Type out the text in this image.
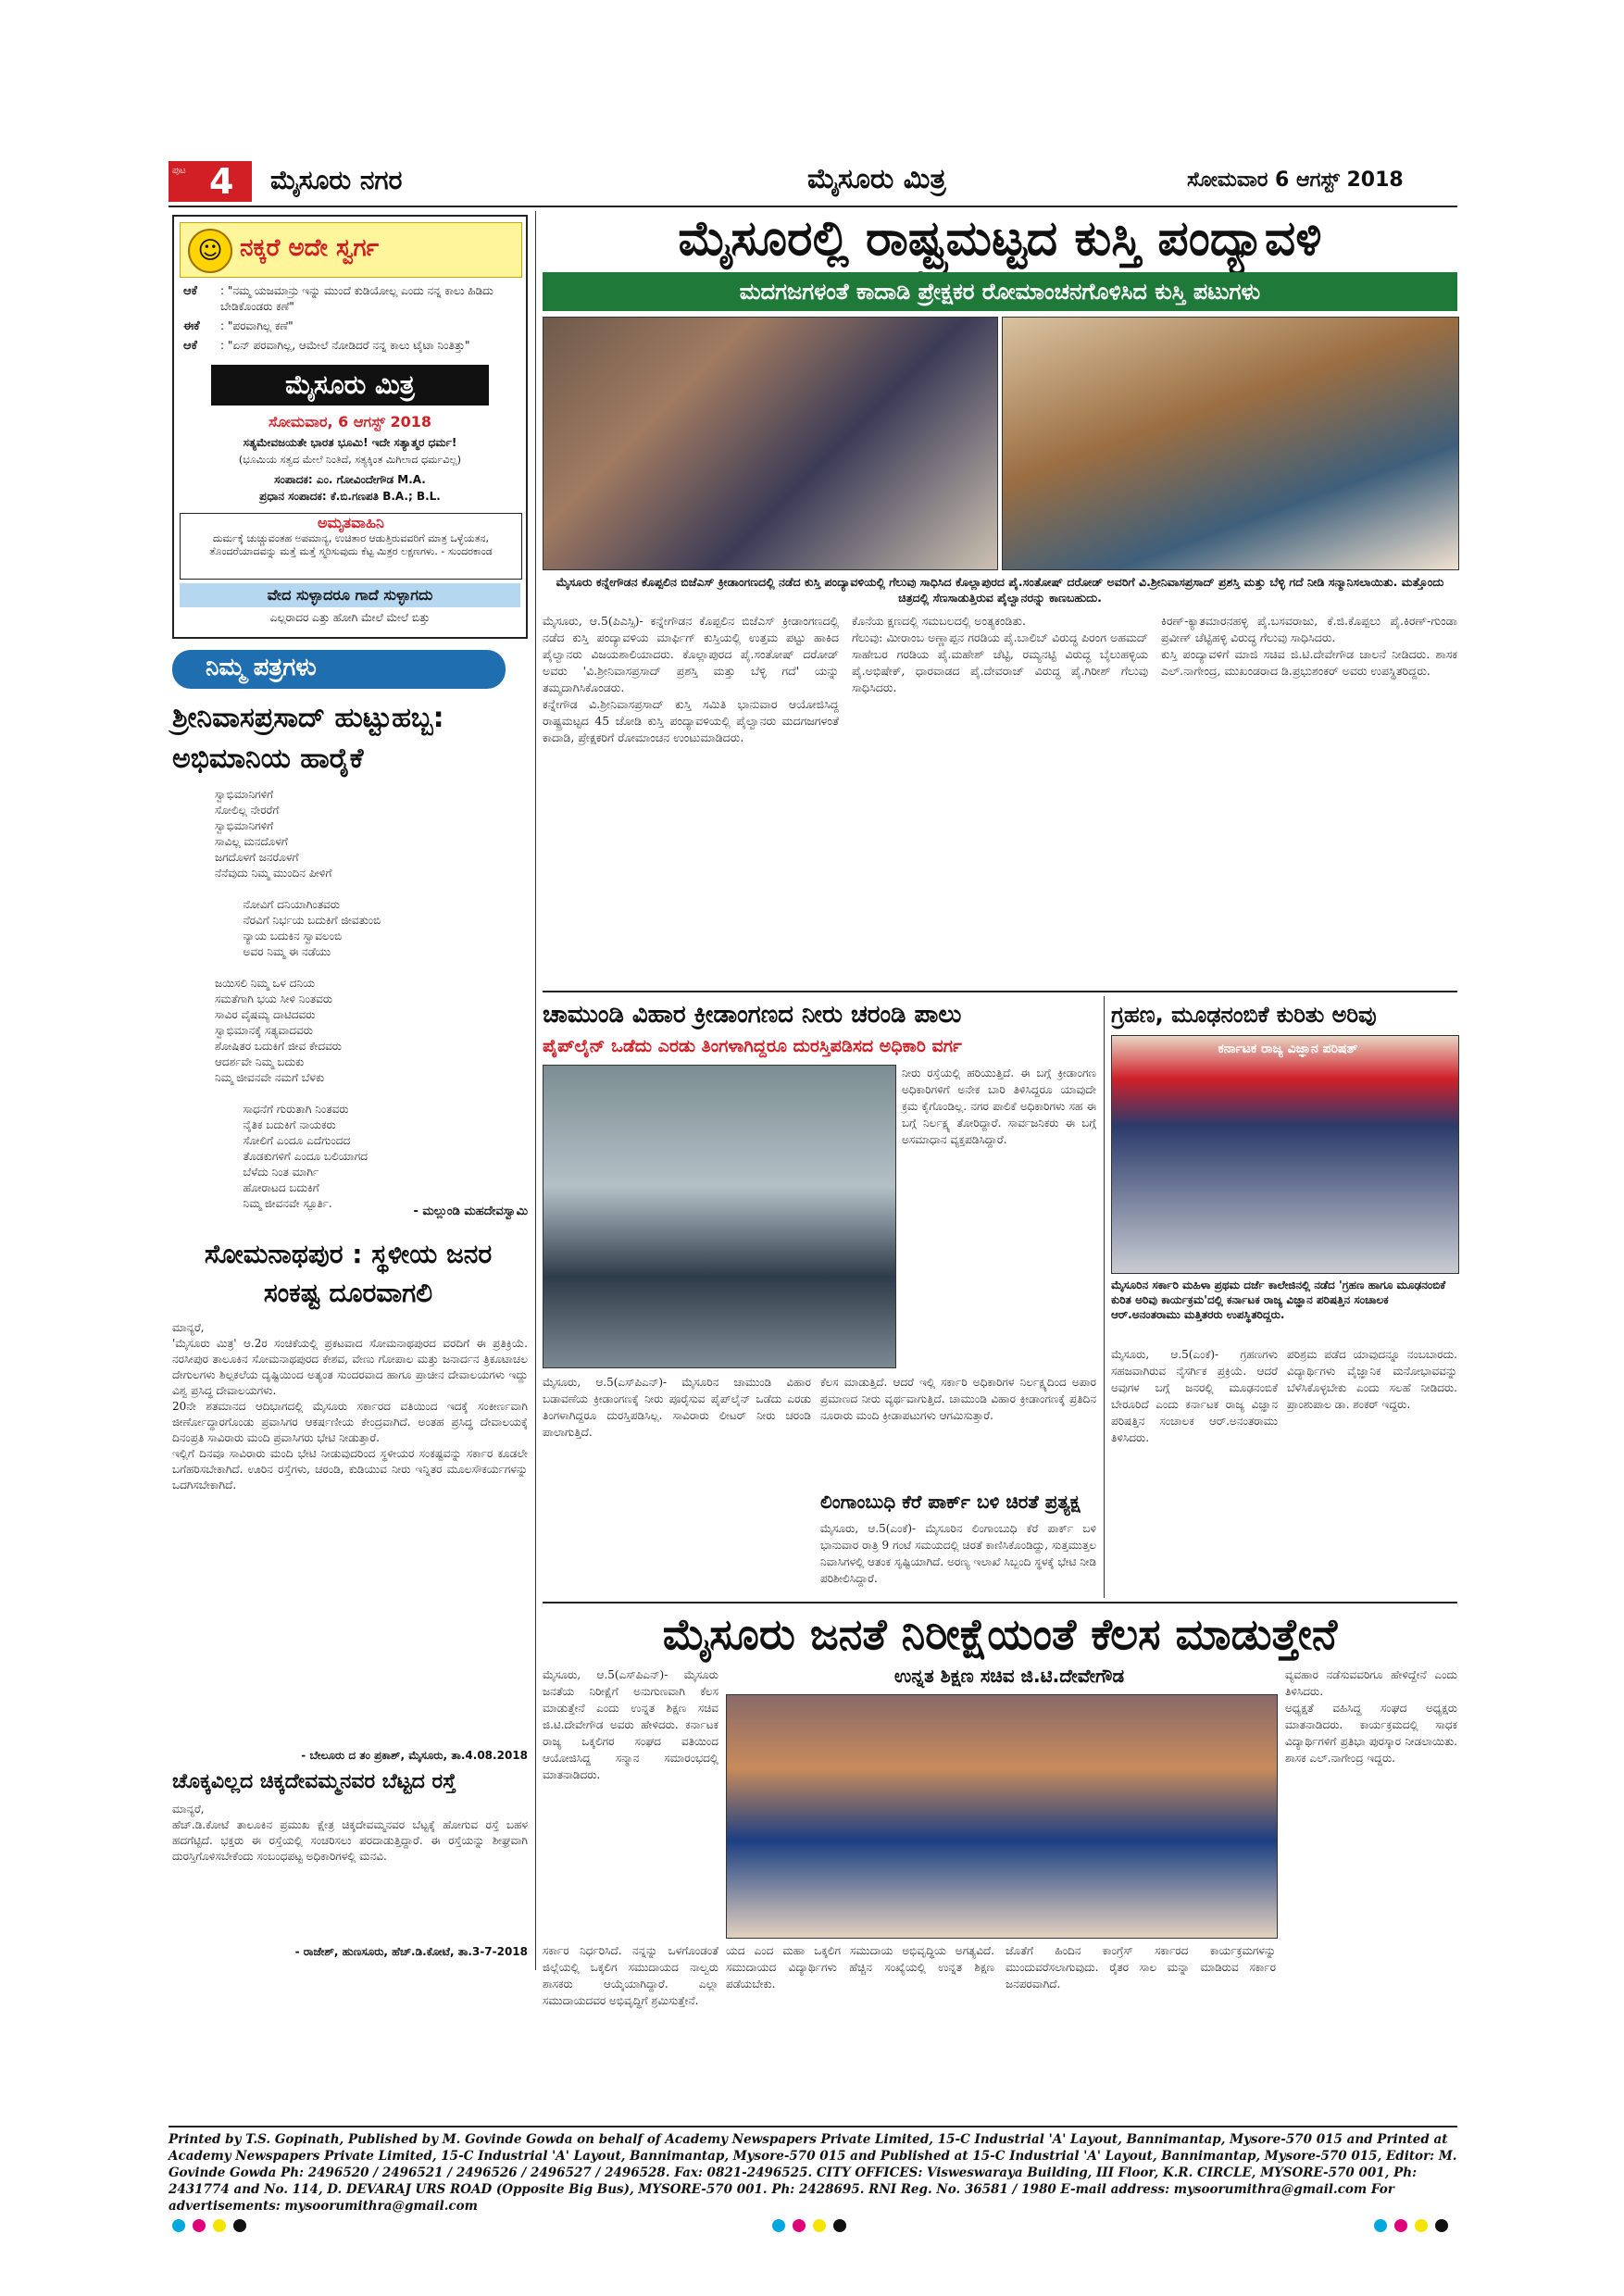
ಪುಟ 4 ಮೈಸೂರು ನಗರ	ಮೈಸೂರು ಮಿತ್ರ	ಸೋಮವಾರ 6 ಆಗಸ್ಟ್ 2018
☺ ನಕ್ಕರೆ ಅದೇ ಸ್ವರ್ಗ
ಆಕೆ	: "ನಮ್ಮ ಯಜಮಾನ್ರು ಇನ್ನು ಮುಂದೆ ಕುಡಿಯೋಲ್ಲ ಎಂದು ನನ್ನ ಕಾಲು ಹಿಡಿದು ಬೇಡಿಕೊಂಡರು ಕಣೆ"
ಈಕೆ	: "ಪರವಾಗಿಲ್ಲ ಕಣೆ"
ಆಕೆ	: "ಏನ್ ಪರವಾಗಿಲ್ಲ, ಆಮೇಲೆ ನೋಡಿದರೆ ನನ್ನ ಕಾಲು ಟೈಟಾ ನಿಂತಿತ್ತು"
ಮೈಸೂರು ಮಿತ್ರ
ಸೋಮವಾರ, 6 ಆಗಸ್ಟ್ 2018
ಸತ್ಯಮೇವಜಯತೇ ಭಾರತ ಭೂಮಿ! ಇದೇ ಸತ್ಯಾತ್ಮರ ಧರ್ಮ!
(ಭೂಮಿಯ ಸತ್ವದ ಮೇಲೆ ನಿಂತಿದೆ, ಸತ್ಯಕ್ಕಿಂತ ಮಿಗಿಲಾದ ಧರ್ಮವಿಲ್ಲ)
ಸಂಪಾದಕ: ಎಂ. ಗೋವಿಂದೇಗೌಡ M.A.
ಪ್ರಧಾನ ಸಂಪಾದಕ: ಕೆ.ಬಿ.ಗಣಪತಿ B.A.; B.L.
ಅಮೃತವಾಹಿನಿ
ದುರ್ಮಕ್ಕೆ ಚುಚ್ಚುವಂತಹ ಅಪಮಾನ್ಯ, ಉಚಿತಾರ ಆಡುತ್ತಿರುವವರಿಗೆ ಮಾತ್ರ ಒಳ್ಳೆಯತನ, ತೊಂದರೆಯಾದವನ್ನು ಮತ್ತೆ ಮತ್ತೆ ಸ್ಮರಿಸುವುದು ಕೆಟ್ಟ ಮಿತ್ರರ ಲಕ್ಷಣಗಳು. - ಸುಂದರಕಾಂಡ
ವೇದ ಸುಳ್ಳಾದರೂ ಗಾದೆ ಸುಳ್ಳಾಗದು
ಎಲ್ಲರಾದರ ಎತ್ತು ಹೋಗಿ ಮೇಲೆ ಮೇಲೆ ಬಿತ್ತು
ನಿಮ್ಮ ಪತ್ರಗಳು
ಶ್ರೀನಿವಾಸಪ್ರಸಾದ್ ಹುಟ್ಟುಹಬ್ಬ: ಅಭಿಮಾನಿಯ ಹಾರೈಕೆ
ಸ್ವಾಭಿಮಾನಿಗಳಿಗೆ
ಸೋಲಿಲ್ಲ ನೇರರೆಗೆ
ಸ್ವಾಭಿಮಾನಿಗಳಿಗೆ
ಸಾವಿಲ್ಲ ಮನದೊಳಗೆ
ಜಗದೊಳಗೆ ಜನರೊಳಗೆ
ನೆನೆವುದು ನಿಮ್ಮ ಮುಂದಿನ ಪೀಳಿಗೆ

ನೋವಿಗೆ ದನಿಯಾಗಿಂತವರು
ನೆರವಿಗೆ ನಿರ್ಭಯ ಬದುಕಿಗೆ ಜೀವತುಂಬಿ
ನ್ಯಾಯ ಬದುಕಿನ ಸ್ವಾವಲಂಬಿ
ಅವರ ನಿಮ್ಮ ಈ ನಡೆಯು

ಜಯಿಸಲಿ ನಿಮ್ಮ ಒಳ ದನಿಯ
ಸಮತೆಗಾಗಿ ಭಯ ಸೀಳಿ ನಿಂತವರು
ಸಾವಿರ ವೈಷಮ್ಯ ದಾಟಿದವರು
ಸ್ವಾಭಿಮಾನಕ್ಕೆ ಸತ್ಯವಾದವರು
ಶೋಷಿತರ ಬದುಕಿಗೆ ಜೀವ ಕೇದವರು
ಆದರ್ಶವೇ ನಿಮ್ಮ ಬದುಕು
ನಿಮ್ಮ ಜೀವನವೇ ನಮಗೆ ಬೆಳಕು

ಸಾಧನೆಗೆ ಗುರುತಾಗಿ ನಿಂತವರು
ನೈತಿಕ ಬದುಕಿಗೆ ನಾಯಕರು
ಸೋಲಿಗೆ ಎಂದೂ ಎದೆಗುಂದದ
ತೊಡಕುಗಳಿಗೆ ಎಂದೂ ಬಲಿಯಾಗದ
ಬೆಳೆದು ನಿಂತ ಮಾರ್ಗಿ
ಹೋರಾಟದ ಬದುಕಿಗೆ
ನಿಮ್ಮ ಜೀವನವೇ ಸ್ಫೂರ್ತಿ.
- ಮಲ್ಲುಂಡಿ ಮಹದೇವಸ್ವಾಮಿ
ಸೋಮನಾಥಪುರ : ಸ್ಥಳೀಯ ಜನರ ಸಂಕಷ್ಟ ದೂರವಾಗಲಿ
ಮಾನ್ಯರೆ,
'ಮೈಸೂರು ಮಿತ್ರ' ಆ.2ರ ಸಂಚಿಕೆಯಲ್ಲಿ ಪ್ರಕಟವಾದ ಸೋಮನಾಥಪುರದ ವರದಿಗೆ ಈ ಪ್ರತಿಕ್ರಿಯೆ. ನರಸೀಪುರ ತಾಲೂಕಿನ ಸೋಮನಾಥಪುರದ ಕೇಶವ, ವೇಣು ಗೋಪಾಲ ಮತ್ತು ಜನಾರ್ದನ ತ್ರಿಕೂಟಾಚಲ ದೇಗುಲಗಳು ಶಿಲ್ಪಕಲೆಯ ದೃಷ್ಟಿಯಿಂದ ಅತ್ಯಂತ ಸುಂದರವಾದ ಹಾಗೂ ಪ್ರಾಚೀನ ದೇವಾಲಯಗಳು ಇದ್ದು ವಿಶ್ವ ಪ್ರಸಿದ್ಧ ದೇವಾಲಯಗಳು.
20ನೇ ಶತಮಾನದ ಆದಿಭಾಗದಲ್ಲಿ ಮೈಸೂರು ಸರ್ಕಾರದ ವತಿಯಿಂದ ಇದಕ್ಕೆ ಸಂಕೀರ್ಣವಾಗಿ ಜೀರ್ಣೋದ್ಧಾರಗೊಂಡು ಪ್ರವಾಸಿಗರ ಆಕರ್ಷಣೀಯ ಕೇಂದ್ರವಾಗಿದೆ. ಅಂತಹ ಪ್ರಸಿದ್ಧ ದೇವಾಲಯಕ್ಕೆ ದಿನಂಪ್ರತಿ ಸಾವಿರಾರು ಮಂದಿ ಪ್ರವಾಸಿಗರು ಭೇಟಿ ನೀಡುತ್ತಾರೆ.
ಇಲ್ಲಿಗೆ ದಿನವೂ ಸಾವಿರಾರು ಮಂದಿ ಭೇಟಿ ನೀಡುವುದರಿಂದ ಸ್ಥಳೀಯರ ಸಂಕಷ್ಟವನ್ನು ಸರ್ಕಾರ ಕೂಡಲೇ ಬಗೆಹರಿಸಬೇಕಾಗಿದೆ. ಊರಿನ ರಸ್ತೆಗಳು, ಚರಂಡಿ, ಕುಡಿಯುವ ನೀರು ಇನ್ನಿತರ ಮೂಲಸೌಕರ್ಯಗಳನ್ನು ಒದಗಿಸಬೇಕಾಗಿದೆ.
- ಬೇಲೂರು ದ ತಂ ಪ್ರಕಾಶ್, ಮೈಸೂರು, ತಾ.4.08.2018
ಚೊಕ್ಕವಿಲ್ಲದ ಚಿಕ್ಕದೇವಮ್ಮನವರ ಬೆಟ್ಟದ ರಸ್ತೆ
ಮಾನ್ಯರೆ,
ಹೆಚ್.ಡಿ.ಕೋಟೆ ತಾಲೂಕಿನ ಪ್ರಮುಖ ಕ್ಷೇತ್ರ ಚಿಕ್ಕದೇವಮ್ಮನವರ ಬೆಟ್ಟಕ್ಕೆ ಹೋಗುವ ರಸ್ತೆ ಬಹಳ ಹದಗೆಟ್ಟಿದೆ. ಭಕ್ತರು ಈ ರಸ್ತೆಯಲ್ಲಿ ಸಂಚರಿಸಲು ಪರದಾಡುತ್ತಿದ್ದಾರೆ. ಈ ರಸ್ತೆಯನ್ನು ಶೀಘ್ರವಾಗಿ ದುರಸ್ತಿಗೊಳಿಸಬೇಕೆಂದು ಸಂಬಂಧಪಟ್ಟ ಅಧಿಕಾರಿಗಳಲ್ಲಿ ಮನವಿ.
- ರಾಜೇಶ್, ಹುಣಸೂರು, ಹೆಚ್.ಡಿ.ಕೋಟೆ, ತಾ.3-7-2018
ಮೈಸೂರಲ್ಲಿ ರಾಷ್ಟ್ರಮಟ್ಟದ ಕುಸ್ತಿ ಪಂದ್ಯಾವಳಿ
ಮದಗಜಗಳಂತೆ ಕಾದಾಡಿ ಪ್ರೇಕ್ಷಕರ ರೋಮಾಂಚನಗೊಳಿಸಿದ ಕುಸ್ತಿ ಪಟುಗಳು
ಮೈಸೂರು ಕನ್ನೇಗೌಡನ ಕೊಪ್ಪಲಿನ ಬಿಜೆಎಸ್ ಕ್ರೀಡಾಂಗಣದಲ್ಲಿ ನಡೆದ ಕುಸ್ತಿ ಪಂದ್ಯಾವಳಿಯಲ್ಲಿ ಗೆಲುವು ಸಾಧಿಸಿದ ಕೊಲ್ಲಾಪುರದ ಪೈ.ಸಂತೋಷ್ ದರೋಡ್ ಅವರಿಗೆ ವಿ.ಶ್ರೀನಿವಾಸಪ್ರಸಾದ್ ಪ್ರಶಸ್ತಿ ಮತ್ತು ಬೆಳ್ಳಿ ಗದೆ ನೀಡಿ ಸನ್ಮಾನಿಸಲಾಯಿತು. ಮತ್ತೊಂದು ಚಿತ್ರದಲ್ಲಿ ಸೆಣಸಾಡುತ್ತಿರುವ ಪೈಲ್ವಾನರನ್ನು ಕಾಣಬಹುದು.
ಮೈಸೂರು, ಆ.5(ಪಿಎಸ್ಸಿ)- ಕನ್ನೇಗೌಡನ ಕೊಪ್ಪಲಿನ ಬಿಜೆಎಸ್ ಕ್ರೀಡಾಂಗಣದಲ್ಲಿ ನಡೆದ ಕುಸ್ತಿ ಪಂದ್ಯಾವಳಿಯ ಮಾರ್ಫಿಗ್ ಕುಸ್ತಿಯಲ್ಲಿ ಉತ್ತಮ ಪಟ್ಟು ಹಾಕಿದ ಪೈಲ್ವಾನರು ವಿಜಯಶಾಲಿಯಾದರು. ಕೊಲ್ಲಾಪುರದ ಪೈ.ಸಂತೋಷ್ ದರೋಡ್ ಅವರು 'ವಿ.ಶ್ರೀನಿವಾಸಪ್ರಸಾದ್ ಪ್ರಶಸ್ತಿ ಮತ್ತು ಬೆಳ್ಳಿ ಗದೆ' ಯನ್ನು ತಮ್ಮದಾಗಿಸಿಕೊಂಡರು.
ಕನ್ನೇಗೌಡ ವಿ.ಶ್ರೀನಿವಾಸಪ್ರಸಾದ್ ಕುಸ್ತಿ ಸಮಿತಿ ಭಾನುವಾರ ಆಯೋಜಿಸಿದ್ದ ರಾಷ್ಟ್ರಮಟ್ಟದ 45 ಜೋಡಿ ಕುಸ್ತಿ ಪಂದ್ಯಾವಳಿಯಲ್ಲಿ ಪೈಲ್ವಾನರು ಮದಗಜಗಳಂತೆ ಕಾದಾಡಿ, ಪ್ರೇಕ್ಷಕರಿಗೆ ರೋಮಾಂಚನ ಉಂಟುಮಾಡಿದರು.
ಕೊನೆಯ ಕ್ಷಣದಲ್ಲಿ ಸಮಬಲದಲ್ಲಿ ಅಂತ್ಯಕಂಡಿತು.
ಗೆಲುವು: ಮೀರಾಂಬ ಅಣ್ಣಾಪ್ಪನ ಗರಡಿಯ ಪೈ.ಬಾಲಿಬ್ ವಿರುದ್ಧ ಪಿರಂಗ ಅಹಮದ್ ಸಾಹೇಬರ ಗರಡಿಯ ಪೈ.ಮಹೇಶ್ ಚೆಟ್ಟಿ, ರಮ್ಯನಟ್ಟಿ ವಿರುದ್ಧ ಬೈಲುಹಳ್ಳಿಯ ಪೈ.ಅಭಿಷೇಕ್, ಧಾರವಾಡದ ಪೈ.ದೇವರಾಜ್ ವಿರುದ್ಧ ಪೈ.ಗಿರೀಶ್ ಗೆಲುವು ಸಾಧಿಸಿದರು.
ಕಿರಣ್-ಕ್ಯಾತಮಾರನಹಳ್ಳಿ ಪೈ.ಬಸವರಾಜು, ಕೆ.ಜಿ.ಕೊಪ್ಪಲು ಪೈ.ಕಿರಣ್-ಗುಂಡಾ ಪ್ರವೀಣ್ ಚೆಟ್ಟಿಹಳ್ಳಿ ವಿರುದ್ಧ ಗೆಲುವು ಸಾಧಿಸಿದರು.
ಕುಸ್ತಿ ಪಂದ್ಯಾವಳಿಗೆ ಮಾಜಿ ಸಚಿವ ಜಿ.ಟಿ.ದೇವೇಗೌಡ ಚಾಲನೆ ನೀಡಿದರು. ಶಾಸಕ ಎಲ್.ನಾಗೇಂದ್ರ, ಮುಖಂಡರಾದ ಡಿ.ಪ್ರಭುಶಂಕರ್ ಅವರು ಉಪಸ್ಥಿತರಿದ್ದರು.
ಚಾಮುಂಡಿ ವಿಹಾರ ಕ್ರೀಡಾಂಗಣದ ನೀರು ಚರಂಡಿ ಪಾಲು
ಪೈಪ್‌ಲೈನ್ ಒಡೆದು ಎರಡು ತಿಂಗಳಾಗಿದ್ದರೂ ದುರಸ್ತಿಪಡಿಸದ ಅಧಿಕಾರಿ ವರ್ಗ
ನೀರು ರಸ್ತೆಯಲ್ಲಿ ಹರಿಯುತ್ತಿದೆ. ಈ ಬಗ್ಗೆ ಕ್ರೀಡಾಂಗಣ ಅಧಿಕಾರಿಗಳಿಗೆ ಅನೇಕ ಬಾರಿ ತಿಳಿಸಿದ್ದರೂ ಯಾವುದೇ ಕ್ರಮ ಕೈಗೊಂಡಿಲ್ಲ. ನಗರ ಪಾಲಿಕೆ ಅಧಿಕಾರಿಗಳು ಸಹ ಈ ಬಗ್ಗೆ ನಿರ್ಲಕ್ಷ್ಯ ತೋರಿದ್ದಾರೆ. ಸಾರ್ವಜನಿಕರು ಈ ಬಗ್ಗೆ ಅಸಮಾಧಾನ ವ್ಯಕ್ತಪಡಿಸಿದ್ದಾರೆ.
ಮೈಸೂರು, ಆ.5(ಎಸ್‌ಪಿಎನ್)- ಮೈಸೂರಿನ ಚಾಮುಂಡಿ ವಿಹಾರ ಬಡಾವಣೆಯ ಕ್ರೀಡಾಂಗಣಕ್ಕೆ ನೀರು ಪೂರೈಸುವ ಪೈಪ್‌ಲೈನ್ ಒಡೆದು ಎರಡು ತಿಂಗಳಾಗಿದ್ದರೂ ದುರಸ್ತಿಪಡಿಸಿಲ್ಲ. ಸಾವಿರಾರು ಲೀಟರ್ ನೀರು ಚರಂಡಿ ಪಾಲಾಗುತ್ತಿದೆ.
ಕೆಲಸ ಮಾಡುತ್ತಿದೆ. ಆದರೆ ಇಲ್ಲಿ ಸರ್ಕಾರಿ ಅಧಿಕಾರಿಗಳ ನಿರ್ಲಕ್ಷ್ಯದಿಂದ ಅಪಾರ ಪ್ರಮಾಣದ ನೀರು ವ್ಯರ್ಥವಾಗುತ್ತಿದೆ. ಚಾಮುಂಡಿ ವಿಹಾರ ಕ್ರೀಡಾಂಗಣಕ್ಕೆ ಪ್ರತಿದಿನ ನೂರಾರು ಮಂದಿ ಕ್ರೀಡಾಪಟುಗಳು ಆಗಮಿಸುತ್ತಾರೆ.
ಲಿಂಗಾಂಬುಧಿ ಕೆರೆ ಪಾರ್ಕ್ ಬಳಿ ಚಿರತೆ ಪ್ರತ್ಯಕ್ಷ
ಮೈಸೂರು, ಆ.5(ಎಂಕೆ)- ಮೈಸೂರಿನ ಲಿಂಗಾಂಬುಧಿ ಕೆರೆ ಪಾರ್ಕ್ ಬಳಿ ಭಾನುವಾರ ರಾತ್ರಿ 9 ಗಂಟೆ ಸಮಯದಲ್ಲಿ ಚಿರತೆ ಕಾಣಿಸಿಕೊಂಡಿದ್ದು, ಸುತ್ತಮುತ್ತಲ ನಿವಾಸಿಗಳಲ್ಲಿ ಆತಂಕ ಸೃಷ್ಟಿಯಾಗಿದೆ. ಅರಣ್ಯ ಇಲಾಖೆ ಸಿಬ್ಬಂದಿ ಸ್ಥಳಕ್ಕೆ ಭೇಟಿ ನೀಡಿ ಪರಿಶೀಲಿಸಿದ್ದಾರೆ.
ಗ್ರಹಣ, ಮೂಢನಂಬಿಕೆ ಕುರಿತು ಅರಿವು
ಕರ್ನಾಟಕ ರಾಜ್ಯ ವಿಜ್ಞಾನ ಪರಿಷತ್
ಮೈಸೂರಿನ ಸರ್ಕಾರಿ ಮಹಿಳಾ ಪ್ರಥಮ ದರ್ಜೆ ಕಾಲೇಜಿನಲ್ಲಿ ನಡೆದ 'ಗ್ರಹಣ ಹಾಗೂ ಮೂಢನಂಬಿಕೆ ಕುರಿತ ಅರಿವು ಕಾರ್ಯಕ್ರಮ'ದಲ್ಲಿ ಕರ್ನಾಟಕ ರಾಜ್ಯ ವಿಜ್ಞಾನ ಪರಿಷತ್ತಿನ ಸಂಚಾಲಕ ಆರ್.ಅನಂತರಾಮು ಮತ್ತಿತರರು ಉಪಸ್ಥಿತರಿದ್ದರು.
ಮೈಸೂರು, ಆ.5(ಎಂಕೆ)- ಗ್ರಹಣಗಳು ಸಹಜವಾಗಿರುವ ನೈಸರ್ಗಿಕ ಪ್ರಕ್ರಿಯೆ. ಆದರೆ ಅವುಗಳ ಬಗ್ಗೆ ಜನರಲ್ಲಿ ಮೂಢನಂಬಿಕೆ ಬೇರೂರಿದೆ ಎಂದು ಕರ್ನಾಟಕ ರಾಜ್ಯ ವಿಜ್ಞಾನ ಪರಿಷತ್ತಿನ ಸಂಚಾಲಕ ಆರ್.ಅನಂತರಾಮು ತಿಳಿಸಿದರು.
ಪರಿಶ್ರಮ ಪಡೆದ ಯಾವುದನ್ನೂ ನಂಬಬಾರದು. ವಿದ್ಯಾರ್ಥಿಗಳು ವೈಜ್ಞಾನಿಕ ಮನೋಭಾವವನ್ನು ಬೆಳೆಸಿಕೊಳ್ಳಬೇಕು ಎಂದು ಸಲಹೆ ನೀಡಿದರು. ಪ್ರಾಂಶುಪಾಲ ಡಾ. ಶಂಕರ್ ಇದ್ದರು.
ಮೈಸೂರು ಜನತೆ ನಿರೀಕ್ಷೆಯಂತೆ ಕೆಲಸ ಮಾಡುತ್ತೇನೆ
ಉನ್ನತ ಶಿಕ್ಷಣ ಸಚಿವ ಜಿ.ಟಿ.ದೇವೇಗೌಡ
ಮೈಸೂರು, ಆ.5(ಎಸ್‌ಪಿಎನ್)- ಮೈಸೂರು ಜನತೆಯ ನಿರೀಕ್ಷೆಗೆ ಅನುಗುಣವಾಗಿ ಕೆಲಸ ಮಾಡುತ್ತೇನೆ ಎಂದು ಉನ್ನತ ಶಿಕ್ಷಣ ಸಚಿವ ಜಿ.ಟಿ.ದೇವೇಗೌಡ ಅವರು ಹೇಳಿದರು. ಕರ್ನಾಟಕ ರಾಜ್ಯ ಒಕ್ಕಲಿಗರ ಸಂಘದ ವತಿಯಿಂದ ಆಯೋಜಿಸಿದ್ದ ಸನ್ಮಾನ ಸಮಾರಂಭದಲ್ಲಿ ಮಾತನಾಡಿದರು.
ವ್ಯವಹಾರ ನಡೆಸುವವರಿಗೂ ಹೇಳಿದ್ದೇನೆ ಎಂದು ತಿಳಿಸಿದರು.
ಅಧ್ಯಕ್ಷತೆ ವಹಿಸಿದ್ದ ಸಂಘದ ಅಧ್ಯಕ್ಷರು ಮಾತನಾಡಿದರು. ಕಾರ್ಯಕ್ರಮದಲ್ಲಿ ಸಾಧಕ ವಿದ್ಯಾರ್ಥಿಗಳಿಗೆ ಪ್ರತಿಭಾ ಪುರಸ್ಕಾರ ನೀಡಲಾಯಿತು. ಶಾಸಕ ಎಲ್.ನಾಗೇಂದ್ರ ಇದ್ದರು.
ಸರ್ಕಾರ ನಿರ್ಧರಿಸಿದೆ. ನನ್ನನ್ನು ಒಳಗೊಂಡಂತೆ ಜಿಲ್ಲೆಯಲ್ಲಿ ಒಕ್ಕಲಿಗ ಸಮುದಾಯದ ನಾಲ್ವರು ಶಾಸಕರು ಆಯ್ಕೆಯಾಗಿದ್ದಾರೆ. ಎಲ್ಲಾ ಸಮುದಾಯದವರ ಅಭಿವೃದ್ಧಿಗೆ ಶ್ರಮಿಸುತ್ತೇನೆ.
ಯದ ಎಂದ ಮಹಾ ಒಕ್ಕಲಿಗ ಸಮುದಾಯ ಅಭಿವೃದ್ಧಿಯ ಅಗತ್ಯವಿದೆ. ಸಮುದಾಯದ ವಿದ್ಯಾರ್ಥಿಗಳು ಹೆಚ್ಚಿನ ಸಂಖ್ಯೆಯಲ್ಲಿ ಉನ್ನತ ಶಿಕ್ಷಣ ಪಡೆಯಬೇಕು.
ಜೊತೆಗೆ ಹಿಂದಿನ ಕಾಂಗ್ರೆಸ್ ಸರ್ಕಾರದ ಕಾರ್ಯಕ್ರಮಗಳನ್ನು ಮುಂದುವರೆಸಲಾಗುವುದು. ರೈತರ ಸಾಲ ಮನ್ನಾ ಮಾಡಿರುವ ಸರ್ಕಾರ ಜನಪರವಾಗಿದೆ.
Printed by T.S. Gopinath, Published by M. Govinde Gowda on behalf of Academy Newspapers Private Limited, 15-C Industrial 'A' Layout, Bannimantap, Mysore-570 015 and Printed at Academy Newspapers Private Limited, 15-C Industrial 'A' Layout, Bannimantap, Mysore-570 015 and Published at 15-C Industrial 'A' Layout, Bannimantap, Mysore-570 015, Editor: M. Govinde Gowda Ph: 2496520 / 2496521 / 2496526 / 2496527 / 2496528. Fax: 0821-2496525. CITY OFFICES: Visweswaraya Building, III Floor, K.R. CIRCLE, MYSORE-570 001, Ph: 2431774 and No. 114, D. DEVARAJ URS ROAD (Opposite Big Bus), MYSORE-570 001. Ph: 2428695. RNI Reg. No. 36581 / 1980 E-mail address: mysoorumithra@gmail.com For advertisements: mysoorumithra@gmail.com
